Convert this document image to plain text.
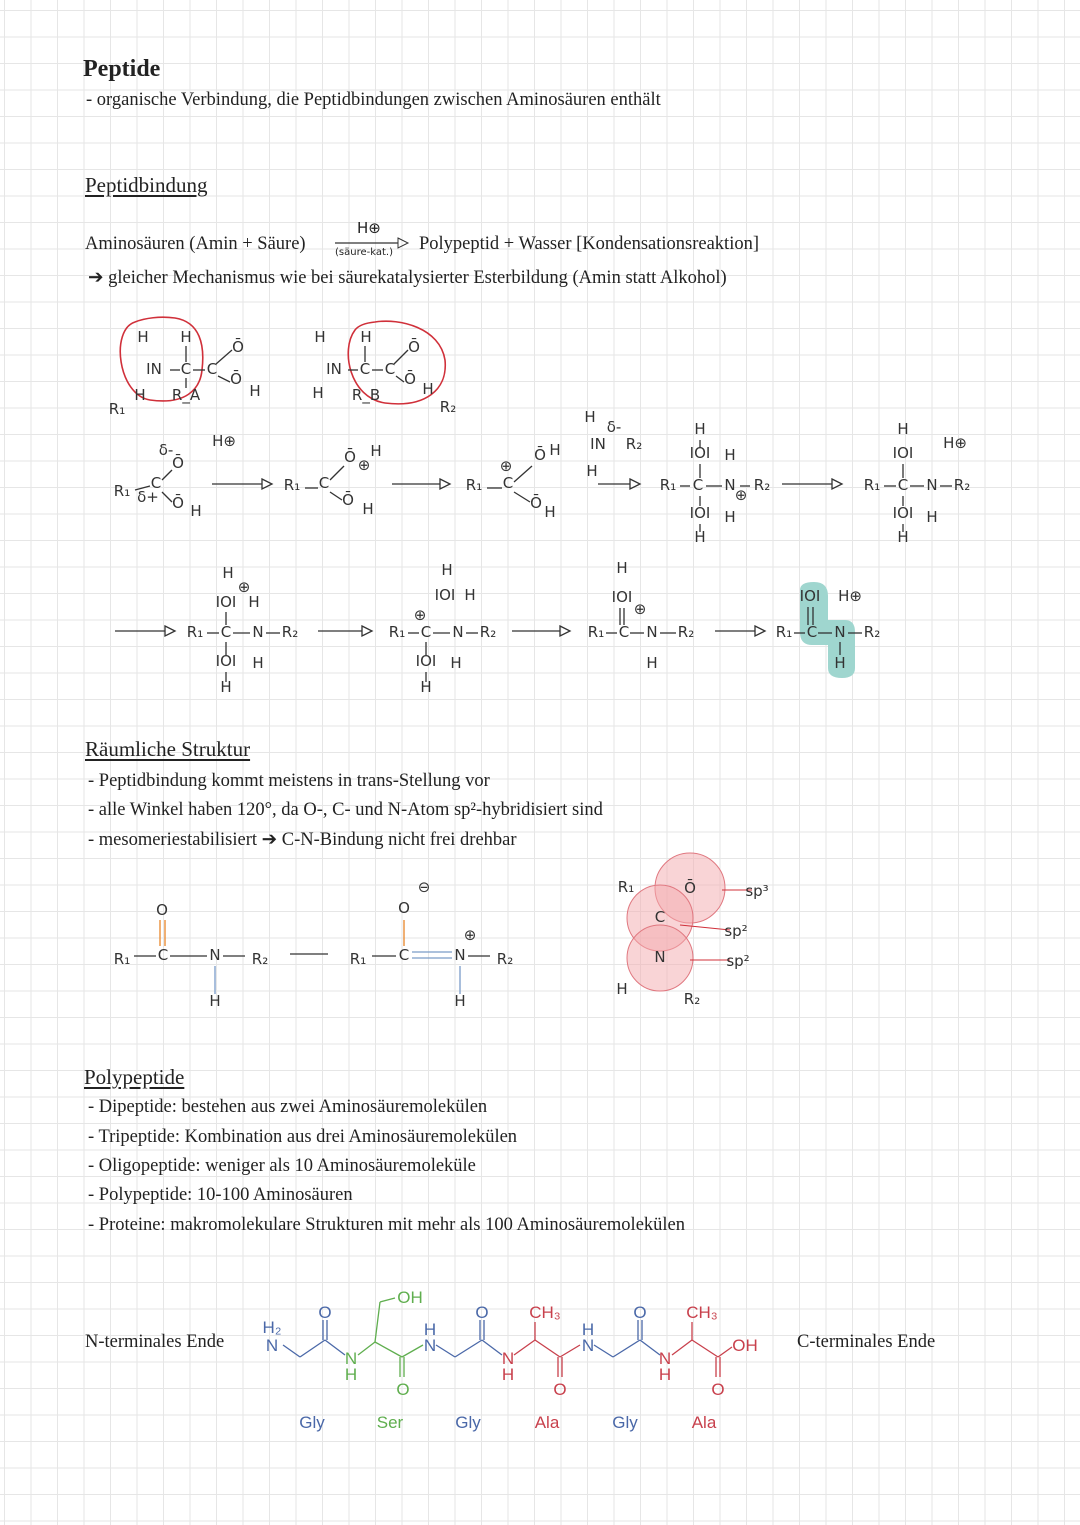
Peptide
- organische Verbindung, die Peptidbindungen zwischen Aminosäuren enthält
Peptidbindung
Aminosäuren (Amin + Säure)
H⊕
(säure-kat.) Polypeptid + Wasser [Kondensationsreaktion]
➔ gleicher Mechanismus wie bei säurekatalysierter Esterbildung (Amin statt Alkohol)
Räumliche Struktur
- Peptidbindung kommt meistens in trans-Stellung vor
- alle Winkel haben 120°, da O-, C- und N-Atom sp²-hybridisiert sind
- mesomeriestabilisiert ➔ C-N-Bindung nicht frei drehbar
Polypeptide
- Dipeptide: bestehen aus zwei Aminosäuremolekülen
- Tripeptide: Kombination aus drei Aminosäuremolekülen
- Oligopeptide: weniger als 10 Aminosäuremoleküle
- Polypeptide: 10-100 Aminosäuren
- Proteine: makromolekulare Strukturen mit mehr als 100 Aminosäuremolekülen
N-terminales Ende	C-terminales Ende
H H
IN C C
Ō
Ō
H
H R_A
R₁
H H
IN C C
Ō
Ō
H
H R_B
R₂
R₁ C
Ō
Ō H
H⊕
δ-
δ+
R₁ C
Ō H
⊕
Ō H
R₁ C
⊕
Ō H
Ō H
H
IN R₂
H
δ-
R₁ C N
⊕
R₂
H
IOI
IOI
H
H
H
R₁ C N R₂
H
IOI
H⊕
IOI
H
H
R₁ C N R₂
H
IOI H
⊕
IOI
H
H
R₁ C N R₂
H
IOI H
⊕
IOI
H
H
R₁ C N R₂
H
IOI
⊕
H
R₁ C N R₂
IOI H⊕
H
R₁ C
O
N R₂
H
R₁ C
O
⊖
N
⊕
R₂
H
R₁	Ō
C
N
H
R₂
sp³
sp²
sp²
H₂
N
O	O	O
O	O	O
N
H
N
H
N
H
N
H
N
H
OH
CH₃	CH₃
OH
Gly	Ser	Gly	Ala	Gly	Ala
